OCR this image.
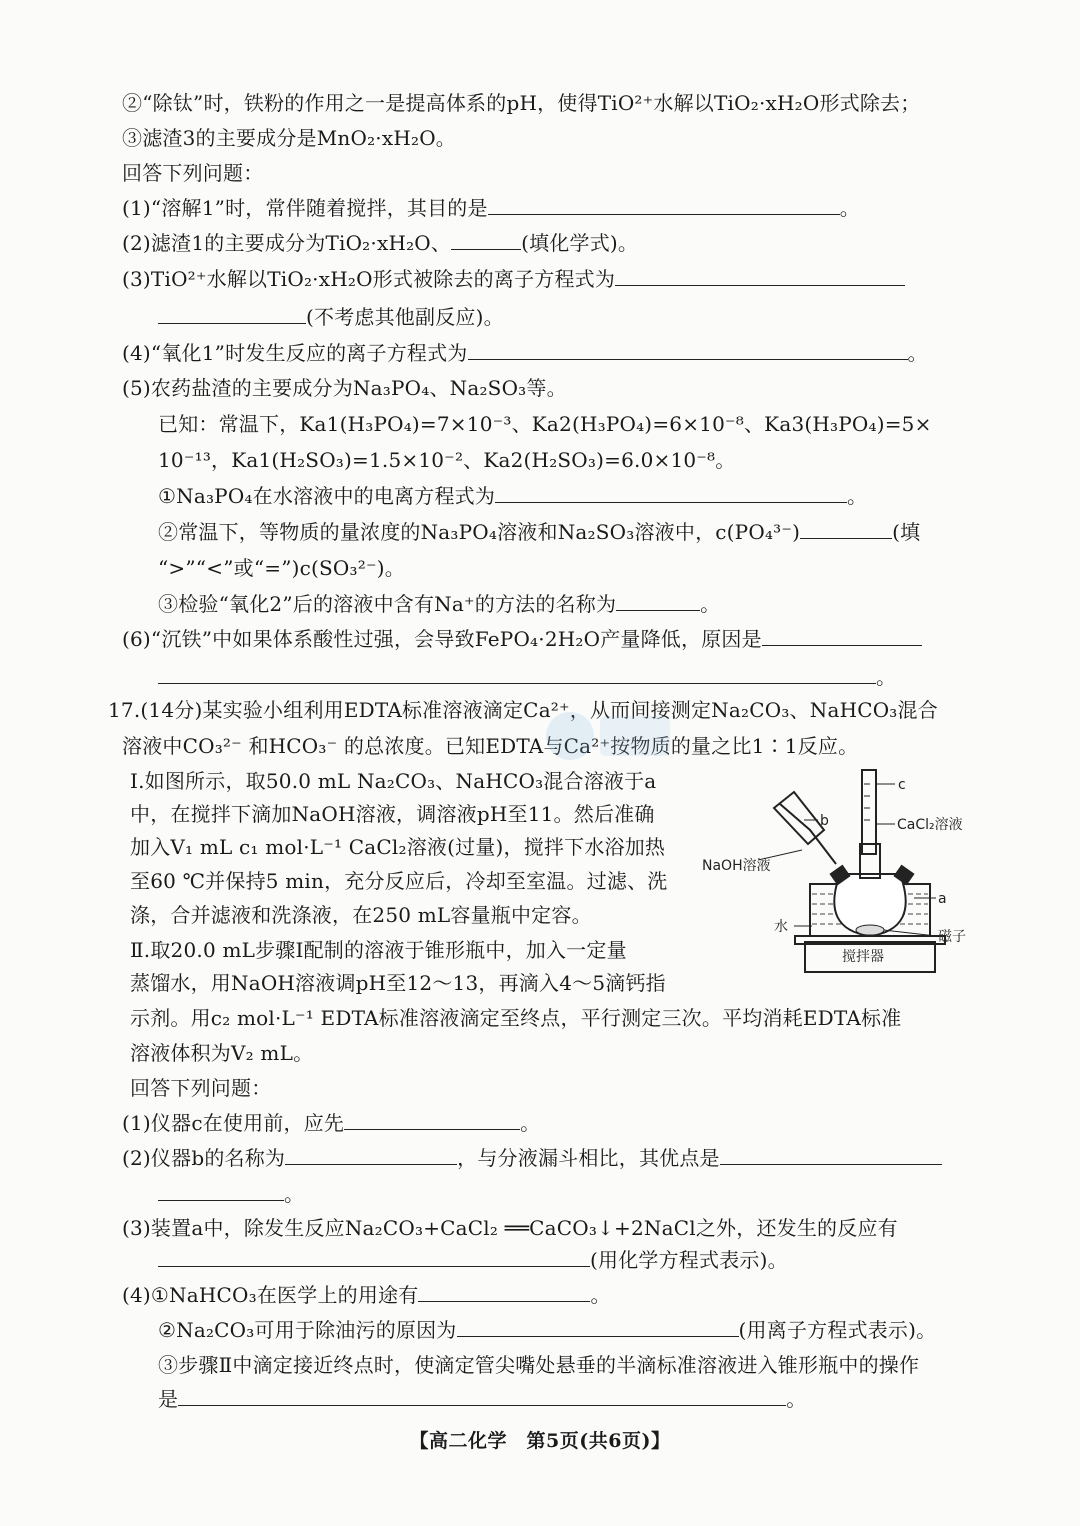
②“除钛”时，铁粉的作用之一是提高体系的pH，使得TiO²⁺水解以TiO₂·xH₂O形式除去；
③滤渣3的主要成分是MnO₂·xH₂O。
回答下列问题：
(1)“溶解1”时，常伴随着搅拌，其目的是	。
(2)滤渣1的主要成分为TiO₂·xH₂O、	(填化学式)。
(3)TiO²⁺水解以TiO₂·xH₂O形式被除去的离子方程式为
(不考虑其他副反应)。
(4)“氧化1”时发生反应的离子方程式为	。
(5)农药盐渣的主要成分为Na₃PO₄、Na₂SO₃等。
已知：常温下，Ka1(H₃PO₄)=7×10⁻³、Ka2(H₃PO₄)=6×10⁻⁸、Ka3(H₃PO₄)=5×
10⁻¹³，Ka1(H₂SO₃)=1.5×10⁻²、Ka2(H₂SO₃)=6.0×10⁻⁸。
①Na₃PO₄在水溶液中的电离方程式为	。
②常温下，等物质的量浓度的Na₃PO₄溶液和Na₂SO₃溶液中，c(PO₄³⁻)	(填
“>”“<”或“=”)c(SO₃²⁻)。
③检验“氧化2”后的溶液中含有Na⁺的方法的名称为	。
(6)“沉铁”中如果体系酸性过强，会导致FePO₄·2H₂O产量降低，原因是
。
17.(14分)某实验小组利用EDTA标准溶液滴定Ca²⁺，从而间接测定Na₂CO₃、NaHCO₃混合
溶液中CO₃²⁻ 和HCO₃⁻ 的总浓度。已知EDTA与Ca²⁺按物质的量之比1∶1反应。
Ⅰ.如图所示，取50.0 mL Na₂CO₃、NaHCO₃混合溶液于a
中，在搅拌下滴加NaOH溶液，调溶液pH至11。然后准确
加入V₁ mL c₁ mol·L⁻¹ CaCl₂溶液(过量)，搅拌下水浴加热
至60 ℃并保持5 min，充分反应后，冷却至室温。过滤、洗
涤，合并滤液和洗涤液，在250 mL容量瓶中定容。
Ⅱ.取20.0 mL步骤Ⅰ配制的溶液于锥形瓶中，加入一定量
蒸馏水，用NaOH溶液调pH至12～13，再滴入4～5滴钙指
示剂。用c₂ mol·L⁻¹ EDTA标准溶液滴定至终点，平行测定三次。平均消耗EDTA标准
溶液体积为V₂ mL。
回答下列问题：
c
CaCl₂溶液
b
NaOH溶液
a
水
磁子
搅拌器
(1)仪器c在使用前，应先	。
(2)仪器b的名称为	，与分液漏斗相比，其优点是
。
(3)装置a中，除发生反应Na₂CO₃+CaCl₂ ══CaCO₃↓+2NaCl之外，还发生的反应有
(用化学方程式表示)。
(4)①NaHCO₃在医学上的用途有	。
②Na₂CO₃可用于除油污的原因为	(用离子方程式表示)。
③步骤Ⅱ中滴定接近终点时，使滴定管尖嘴处悬垂的半滴标准溶液进入锥形瓶中的操作
是	。
【高二化学　第5页(共6页)】
